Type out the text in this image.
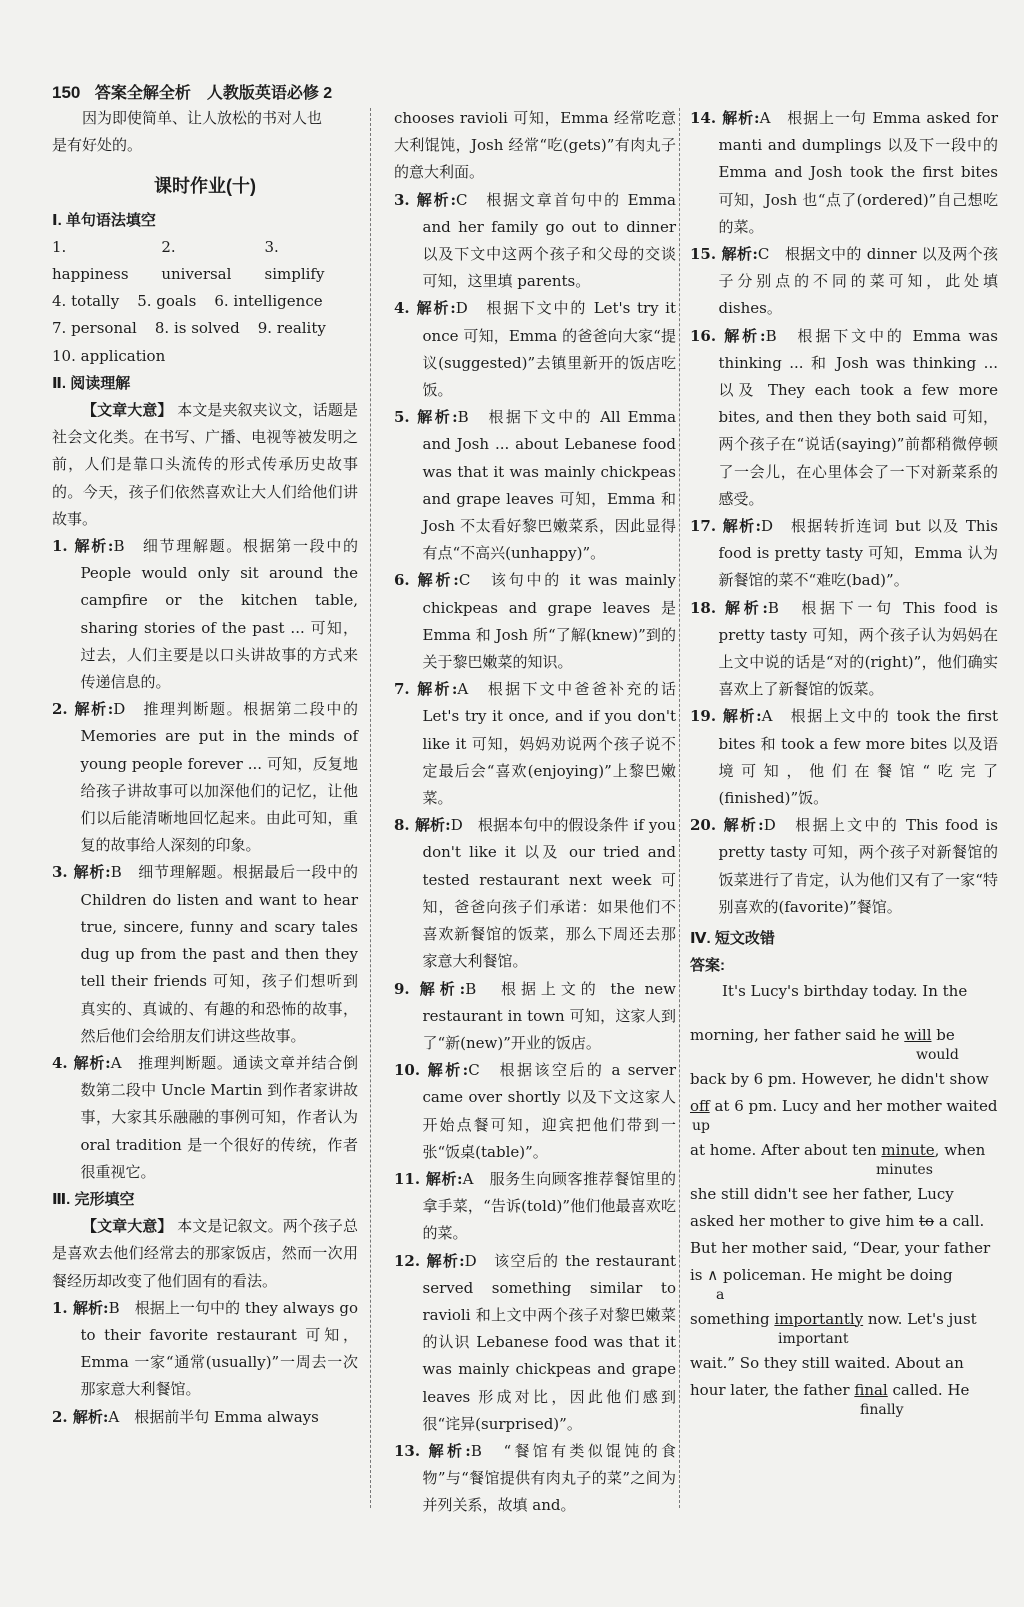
150 答案全解全析　人教版英语必修 2

因为即使简单、让人放松的书对人也

是有好处的。

课时作业(十)

Ⅰ. 单句语法填空

1. happiness
2. universal
3. simplify
4. totally 5. goals 6. intelligence
7. personal 8. is solved 9. reality
10. application

Ⅱ. 阅读理解

【文章大意】 本文是夹叙夹议文，话题是社会文化类。在书写、广播、电视等被发明之前，人们是靠口头流传的形式传承历史故事的。今天，孩子们依然喜欢让大人们给他们讲故事。

1. 解析:B　细节理解题。根据第一段中的 People would only sit around the campfire or the kitchen table, sharing stories of the past ... 可知，过去，人们主要是以口头讲故事的方式来传递信息的。

2. 解析:D　推理判断题。根据第二段中的 Memories are put in the minds of young people forever ... 可知，反复地给孩子讲故事可以加深他们的记忆，让他们以后能清晰地回忆起来。由此可知，重复的故事给人深刻的印象。

3. 解析:B　细节理解题。根据最后一段中的 Children do listen and want to hear true, sincere, funny and scary tales dug up from the past and then they tell their friends 可知，孩子们想听到真实的、真诚的、有趣的和恐怖的故事，然后他们会给朋友们讲这些故事。

4. 解析:A　推理判断题。通读文章并结合倒数第二段中 Uncle Martin 到作者家讲故事，大家其乐融融的事例可知，作者认为 oral tradition 是一个很好的传统，作者很重视它。

Ⅲ. 完形填空

【文章大意】 本文是记叙文。两个孩子总是喜欢去他们经常去的那家饭店，然而一次用餐经历却改变了他们固有的看法。

1. 解析:B　根据上一句中的 they always go to their favorite restaurant 可知，Emma 一家“通常(usually)”一周去一次那家意大利餐馆。

2. 解析:A　根据前半句 Emma always

chooses ravioli 可知，Emma 经常吃意大利馄饨，Josh 经常“吃(gets)”有肉丸子的意大利面。

3. 解析:C　根据文章首句中的 Emma and her family go out to dinner 以及下文中这两个孩子和父母的交谈可知，这里填 parents。

4. 解析:D　根据下文中的 Let's try it once 可知，Emma 的爸爸向大家“提议(suggested)”去镇里新开的饭店吃饭。

5. 解析:B　根据下文中的 All Emma and Josh ... about Lebanese food was that it was mainly chickpeas and grape leaves 可知，Emma 和 Josh 不太看好黎巴嫩菜系，因此显得有点“不高兴(unhappy)”。

6. 解析:C　该句中的 it was mainly chickpeas and grape leaves 是 Emma 和 Josh 所“了解(knew)”到的关于黎巴嫩菜的知识。

7. 解析:A　根据下文中爸爸补充的话 Let's try it once, and if you don't like it 可知，妈妈劝说两个孩子说不定最后会“喜欢(enjoying)”上黎巴嫩菜。

8. 解析:D　根据本句中的假设条件 if you don't like it 以及 our tried and tested restaurant next week 可知，爸爸向孩子们承诺：如果他们不喜欢新餐馆的饭菜，那么下周还去那家意大利餐馆。

9. 解析:B　根据上文的 the new restaurant in town 可知，这家人到了“新(new)”开业的饭店。

10. 解析:C　根据该空后的 a server came over shortly 以及下文这家人开始点餐可知，迎宾把他们带到一张“饭桌(table)”。

11. 解析:A　服务生向顾客推荐餐馆里的拿手菜，“告诉(told)”他们他最喜欢吃的菜。

12. 解析:D　该空后的 the restaurant served something similar to ravioli 和上文中两个孩子对黎巴嫩菜的认识 Lebanese food was that it was mainly chickpeas and grape leaves 形成对比，因此他们感到很“诧异(surprised)”。

13. 解析:B　“餐馆有类似馄饨的食物”与“餐馆提供有肉丸子的菜”之间为并列关系，故填 and。

14. 解析:A　根据上一句 Emma asked for manti and dumplings 以及下一段中的 Emma and Josh took the first bites 可知，Josh 也“点了(ordered)”自己想吃的菜。

15. 解析:C　根据文中的 dinner 以及两个孩子分别点的不同的菜可知，此处填 dishes。

16. 解析:B　根据下文中的 Emma was thinking ... 和 Josh was thinking ... 以及 They each took a few more bites, and then they both said 可知，两个孩子在“说话(saying)”前都稍微停顿了一会儿，在心里体会了一下对新菜系的感受。

17. 解析:D　根据转折连词 but 以及 This food is pretty tasty 可知，Emma 认为新餐馆的菜不“难吃(bad)”。

18. 解析:B　根据下一句 This food is pretty tasty 可知，两个孩子认为妈妈在上文中说的话是“对的(right)”，他们确实喜欢上了新餐馆的饭菜。

19. 解析:A　根据上文中的 took the first bites 和 took a few more bites 以及语境可知，他们在餐馆“吃完了(finished)”饭。

20. 解析:D　根据上文中的 This food is pretty tasty 可知，两个孩子对新餐馆的饭菜进行了肯定，认为他们又有了一家“特别喜欢的(favorite)”餐馆。

Ⅳ. 短文改错

答案:

It's Lucy's birthday today. In the
morning, her father said he will be
would
back by 6 pm. However, he didn't show
off at 6 pm. Lucy and her mother waited
up
at home. After about ten minute, when
minutes
she still didn't see her father, Lucy
asked her mother to give him to a call.
But her mother said, “Dear, your father
is ∧ policeman. He might be doing
a
something importantly now. Let's just
important
wait.” So they still waited. About an
hour later, the father final called. He
finally
